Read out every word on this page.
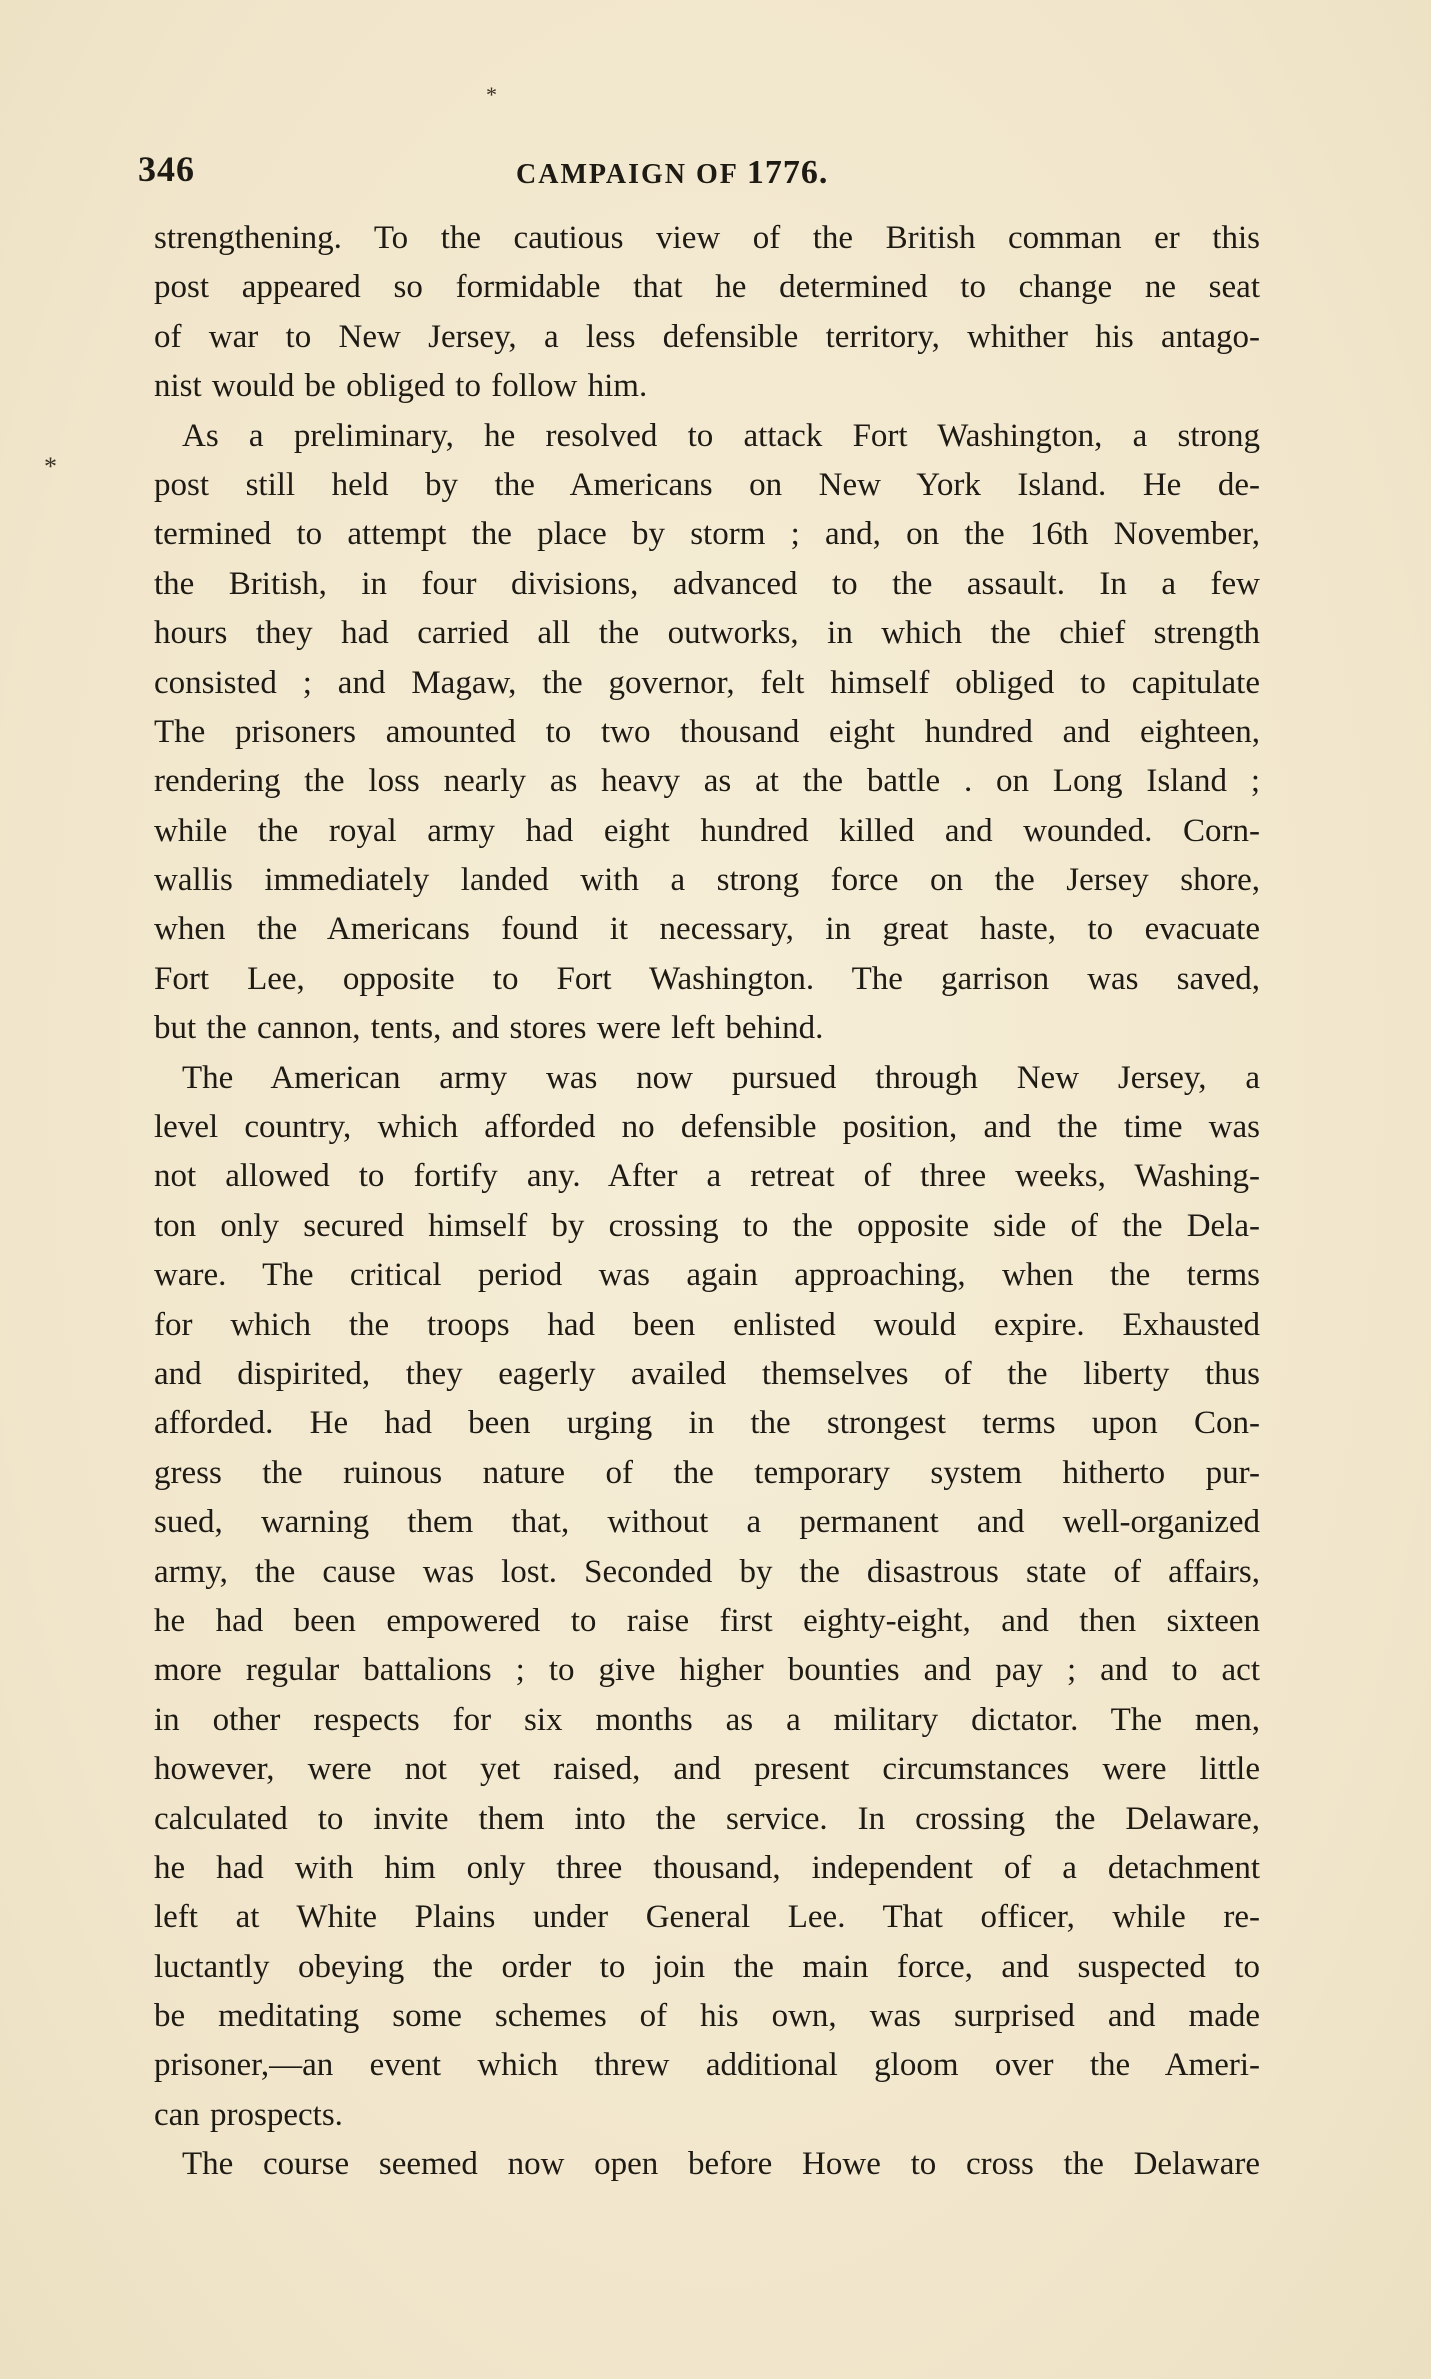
*
*
346	CAMPAIGN OF 1776.
strengthening. To the cautious view of the British comman er this
post appeared so formidable that he determined to change ne seat
of war to New Jersey, a less defensible territory, whither his antago-
nist would be obliged to follow him.
As a preliminary, he resolved to attack Fort Washington, a strong
post still held by the Americans on New York Island. He de-
termined to attempt the place by storm ; and, on the 16th November,
the British, in four divisions, advanced to the assault. In a few
hours they had carried all the outworks, in which the chief strength
consisted ; and Magaw, the governor, felt himself obliged to capitulate
The prisoners amounted to two thousand eight hundred and eighteen,
rendering the loss nearly as heavy as at the battle . on Long Island ;
while the royal army had eight hundred killed and wounded. Corn-
wallis immediately landed with a strong force on the Jersey shore,
when the Americans found it necessary, in great haste, to evacuate
Fort Lee, opposite to Fort Washington. The garrison was saved,
but the cannon, tents, and stores were left behind.
The American army was now pursued through New Jersey, a
level country, which afforded no defensible position, and the time was
not allowed to fortify any. After a retreat of three weeks, Washing-
ton only secured himself by crossing to the opposite side of the Dela-
ware. The critical period was again approaching, when the terms
for which the troops had been enlisted would expire. Exhausted
and dispirited, they eagerly availed themselves of the liberty thus
afforded. He had been urging in the strongest terms upon Con-
gress the ruinous nature of the temporary system hitherto pur-
sued, warning them that, without a permanent and well-organized
army, the cause was lost. Seconded by the disastrous state of affairs,
he had been empowered to raise first eighty-eight, and then sixteen
more regular battalions ; to give higher bounties and pay ; and to act
in other respects for six months as a military dictator. The men,
however, were not yet raised, and present circumstances were little
calculated to invite them into the service. In crossing the Delaware,
he had with him only three thousand, independent of a detachment
left at White Plains under General Lee. That officer, while re-
luctantly obeying the order to join the main force, and suspected to
be meditating some schemes of his own, was surprised and made
prisoner,—an event which threw additional gloom over the Ameri-
can prospects.
The course seemed now open before Howe to cross the Delaware
